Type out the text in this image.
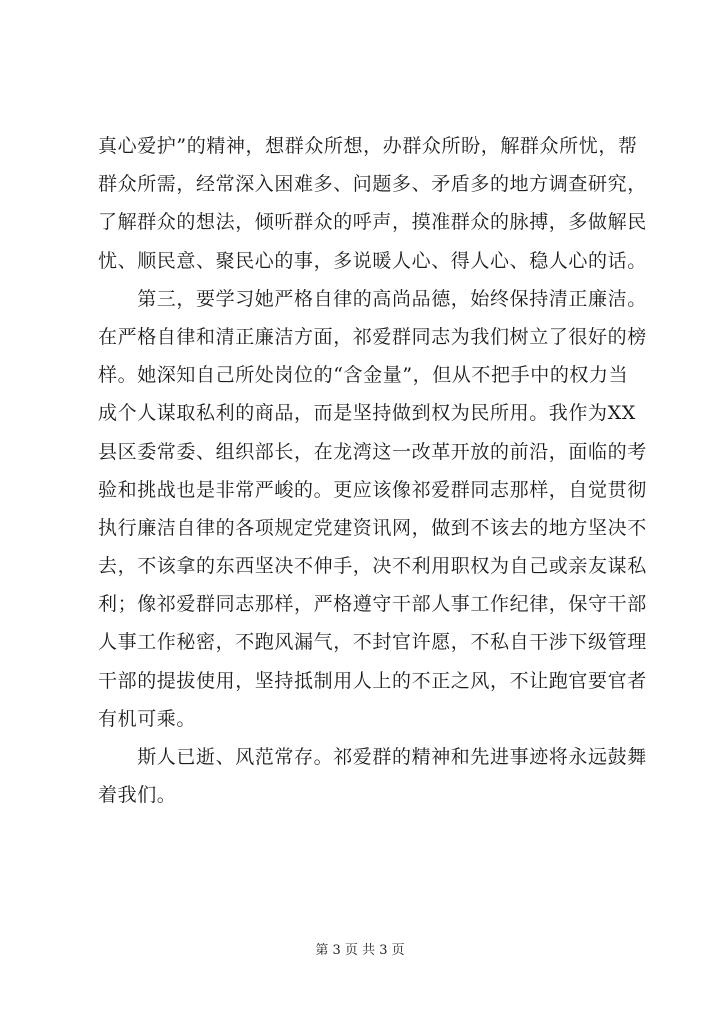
真心爱护”的精神，想群众所想，办群众所盼，解群众所忧，帮
群众所需，经常深入困难多、问题多、矛盾多的地方调查研究，
了解群众的想法，倾听群众的呼声，摸准群众的脉搏，多做解民
忧、顺民意、聚民心的事，多说暖人心、得人心、稳人心的话。
　　第三，要学习她严格自律的高尚品德，始终保持清正廉洁。
在严格自律和清正廉洁方面，祁爱群同志为我们树立了很好的榜
样。她深知自己所处岗位的“含金量”，但从不把手中的权力当
成个人谋取私利的商品，而是坚持做到权为民所用。我作为XX
县区委常委、组织部长，在龙湾这一改革开放的前沿，面临的考
验和挑战也是非常严峻的。更应该像祁爱群同志那样，自觉贯彻
执行廉洁自律的各项规定党建资讯网，做到不该去的地方坚决不
去，不该拿的东西坚决不伸手，决不利用职权为自己或亲友谋私
利；像祁爱群同志那样，严格遵守干部人事工作纪律，保守干部
人事工作秘密，不跑风漏气，不封官许愿，不私自干涉下级管理
干部的提拔使用，坚持抵制用人上的不正之风，不让跑官要官者
有机可乘。
　　斯人已逝、风范常存。祁爱群的精神和先进事迹将永远鼓舞
着我们。
第 3 页 共 3 页
